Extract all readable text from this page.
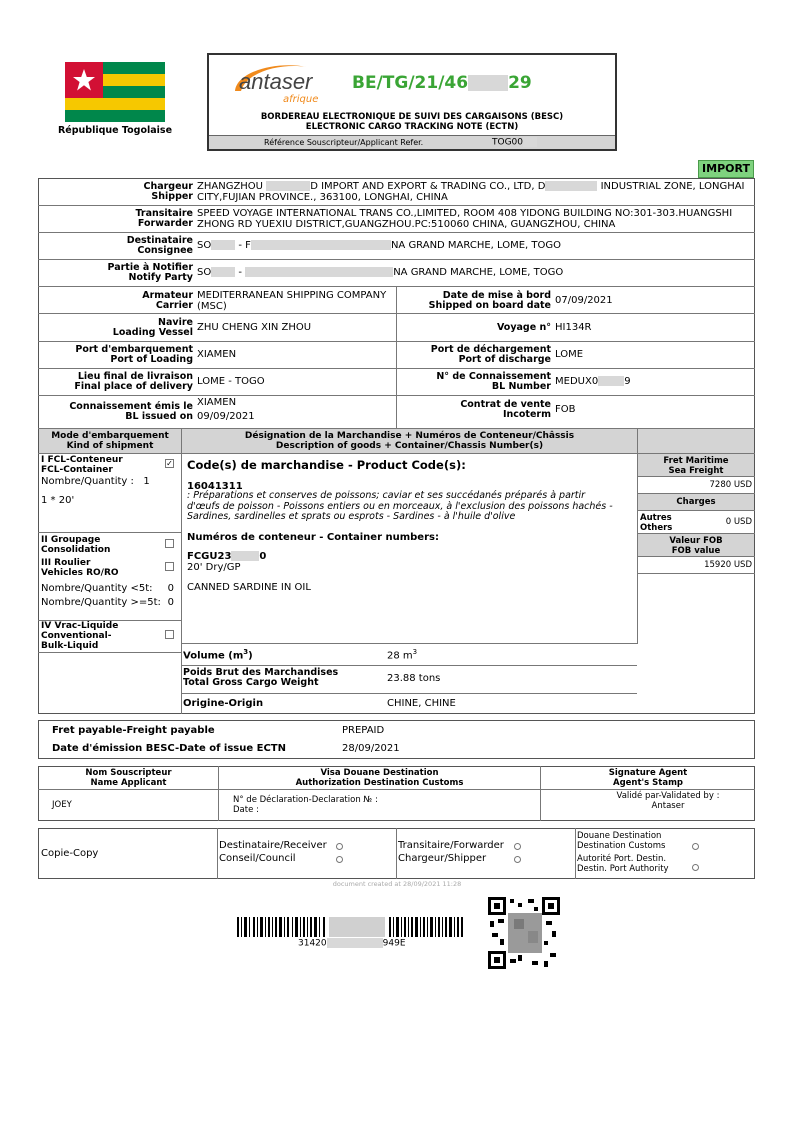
République Togolaise
antaser
afrique
BE/TG/21/46 29
BORDEREAU ELECTRONIQUE DE SUIVI DES CARGAISONS (BESC)
ELECTRONIC CARGO TRACKING NOTE (ECTN)
Référence Souscripteur/Applicant Refer.	TOG00
IMPORT
Chargeur
Shipper
ZHANGZHOU	D IMPORT AND EXPORT & TRADING CO., LTD, D	INDUSTRIAL ZONE, LONGHAI
CITY,FUJIAN PROVINCE., 363100, LONGHAI, CHINA
Transitaire
Forwarder
SPEED VOYAGE INTERNATIONAL TRANS CO.,LIMITED, ROOM 408 YIDONG BUILDING NO:301-303.HUANGSHI
ZHONG RD YUEXIU DISTRICT,GUANGZHOU.PC:510060 CHINA, GUANGZHOU, CHINA
Destinataire
Consignee SO - F	NA GRAND MARCHE, LOME, TOGO
Partie à Notifier
Notify Party SO -	NA GRAND MARCHE, LOME, TOGO
Armateur
Carrier
MEDITERRANEAN SHIPPING COMPANY
(MSC)
Date de mise à bord
Shipped on board date 07/09/2021
Navire
Loading Vessel ZHU CHENG XIN ZHOU	Voyage n° HI134R
Port d'embarquement
Port of Loading XIAMEN	Port de déchargement
Port of discharge LOME
Lieu final de livraison
Final place of delivery LOME - TOGO	N° de Connaissement
BL Number MEDUX0	9
Connaissement émis le
BL issued on
XIAMEN
09/09/2021
Contrat de vente
Incoterm FOB
Mode d'embarquement
Kind of shipment
Désignation de la Marchandise + Numéros de Conteneur/Châssis
Description of goods + Container/Chassis Number(s)
I FCL-Conteneur
FCL-Container
✓
Nombre/Quantity : 1
1 * 20'
II Groupage
Consolidation
III Roulier
Vehicles RO/RO
Nombre/Quantity <5t: 0
Nombre/Quantity >=5t: 0
IV Vrac-Liquide
Conventional-
Bulk-Liquid
Code(s) de marchandise - Product Code(s):
16041311
: Préparations et conserves de poissons; caviar et ses succédanés préparés à partir d'œufs de poisson - Poissons entiers ou en morceaux, à l'exclusion des poissons hachés - Sardines, sardinelles et sprats ou esprots - Sardines - à l'huile d'olive
Numéros de conteneur - Container numbers:
FCGU23	0
20' Dry/GP
CANNED SARDINE IN OIL
Volume $(m^3)$	28 $m^3$
Poids Brut des Marchandises
Total Gross Cargo Weight	23.88 tons
Origine-Origin	CHINE, CHINE
Fret Maritime
Sea Freight
7280 USD
Charges
Autres
Others
0 USD
Valeur FOB
FOB value
15920 USD
Fret payable-Freight payable	PREPAID
Date d'émission BESC-Date of issue ECTN	28/09/2021
Nom Souscripteur
Name Applicant
Visa Douane Destination
Authorization Destination Customs
Signature Agent
Agent's Stamp
JOEY	N° de Déclaration-Declaration № :
Date :
Validé par-Validated by :
Antaser
Copie-Copy
Destinataire/Receiver
Conseil/Council
Transitaire/Forwarder
Chargeur/Shipper
Douane Destination
Destination Customs
Autorité Port. Destin.
Destin. Port Authority
document created at 28/09/2021 11:28
31420	949E
